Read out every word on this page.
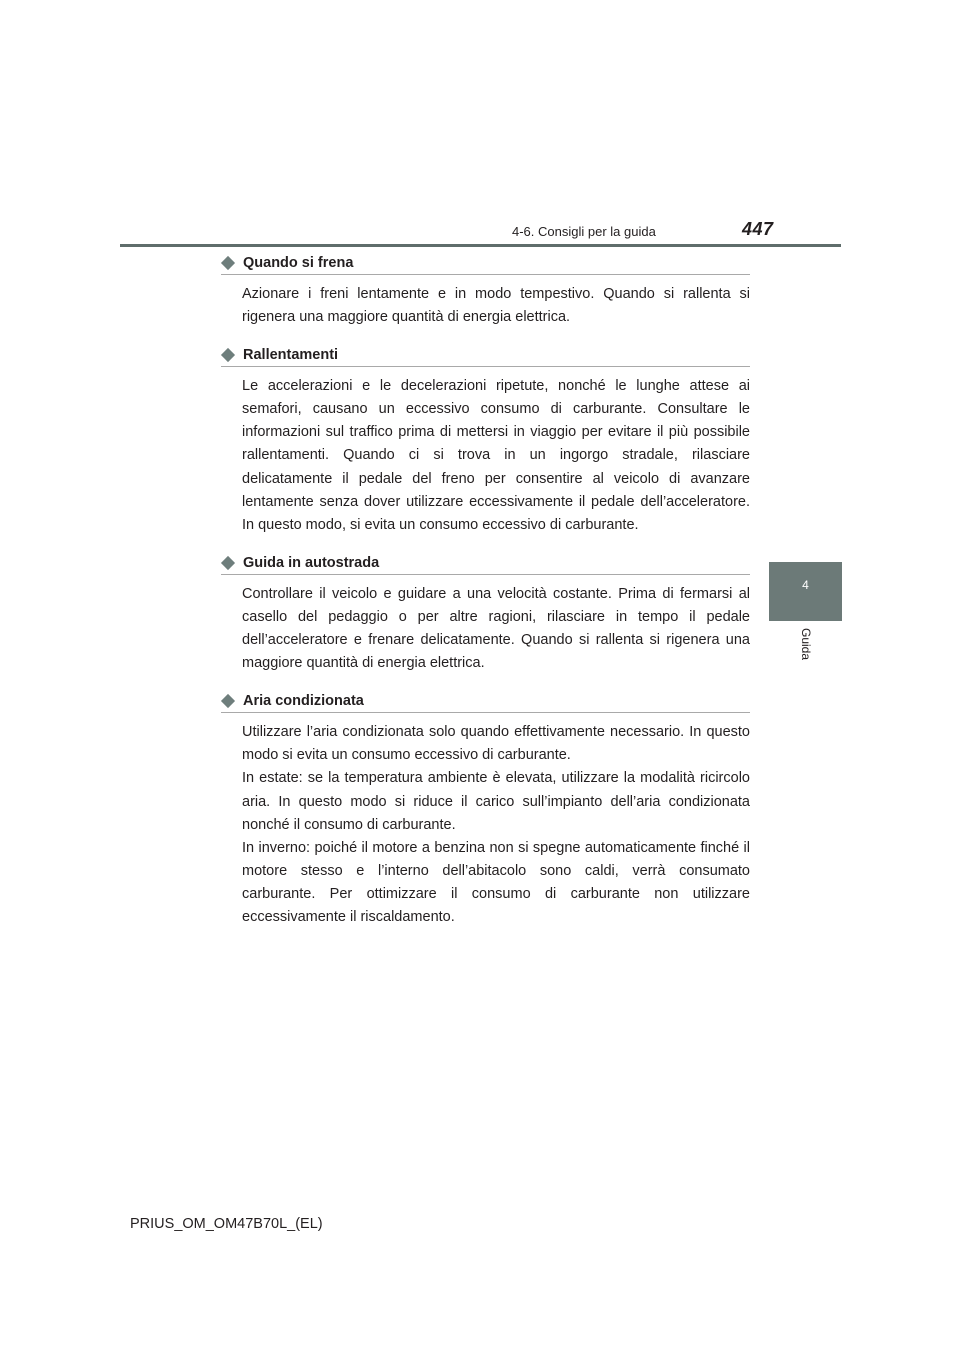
4-6. Consigli per la guida	447
4
Guida
Quando si frena

Azionare i freni lentamente e in modo tempestivo. Quando si rallenta si rigenera una maggiore quantità di energia elettrica.

Rallentamenti

Le accelerazioni e le decelerazioni ripetute, nonché le lunghe attese ai semafori, causano un eccessivo consumo di carburante. Consultare le informazioni sul traffico prima di mettersi in viaggio per evitare il più possibile rallentamenti. Quando ci si trova in un ingorgo stradale, rilasciare delicatamente il pedale del freno per consentire al veicolo di avanzare lentamente senza dover utilizzare eccessivamente il pedale dell’acceleratore. In questo modo, si evita un consumo eccessivo di carburante.

Guida in autostrada

Controllare il veicolo e guidare a una velocità costante. Prima di fermarsi al casello del pedaggio o per altre ragioni, rilasciare in tempo il pedale dell’acceleratore e frenare delicatamente. Quando si rallenta si rigenera una maggiore quantità di energia elettrica.

Aria condizionata

Utilizzare l’aria condizionata solo quando effettivamente necessario. In questo modo si evita un consumo eccessivo di carburante.

In estate: se la temperatura ambiente è elevata, utilizzare la modalità ricircolo aria. In questo modo si riduce il carico sull’impianto dell’aria condizionata nonché il consumo di carburante.

In inverno: poiché il motore a benzina non si spegne automaticamente finché il motore stesso e l’interno dell’abitacolo sono caldi, verrà consumato carburante. Per ottimizzare il consumo di carburante non utilizzare eccessivamente il riscaldamento.

PRIUS_OM_OM47B70L_(EL)
